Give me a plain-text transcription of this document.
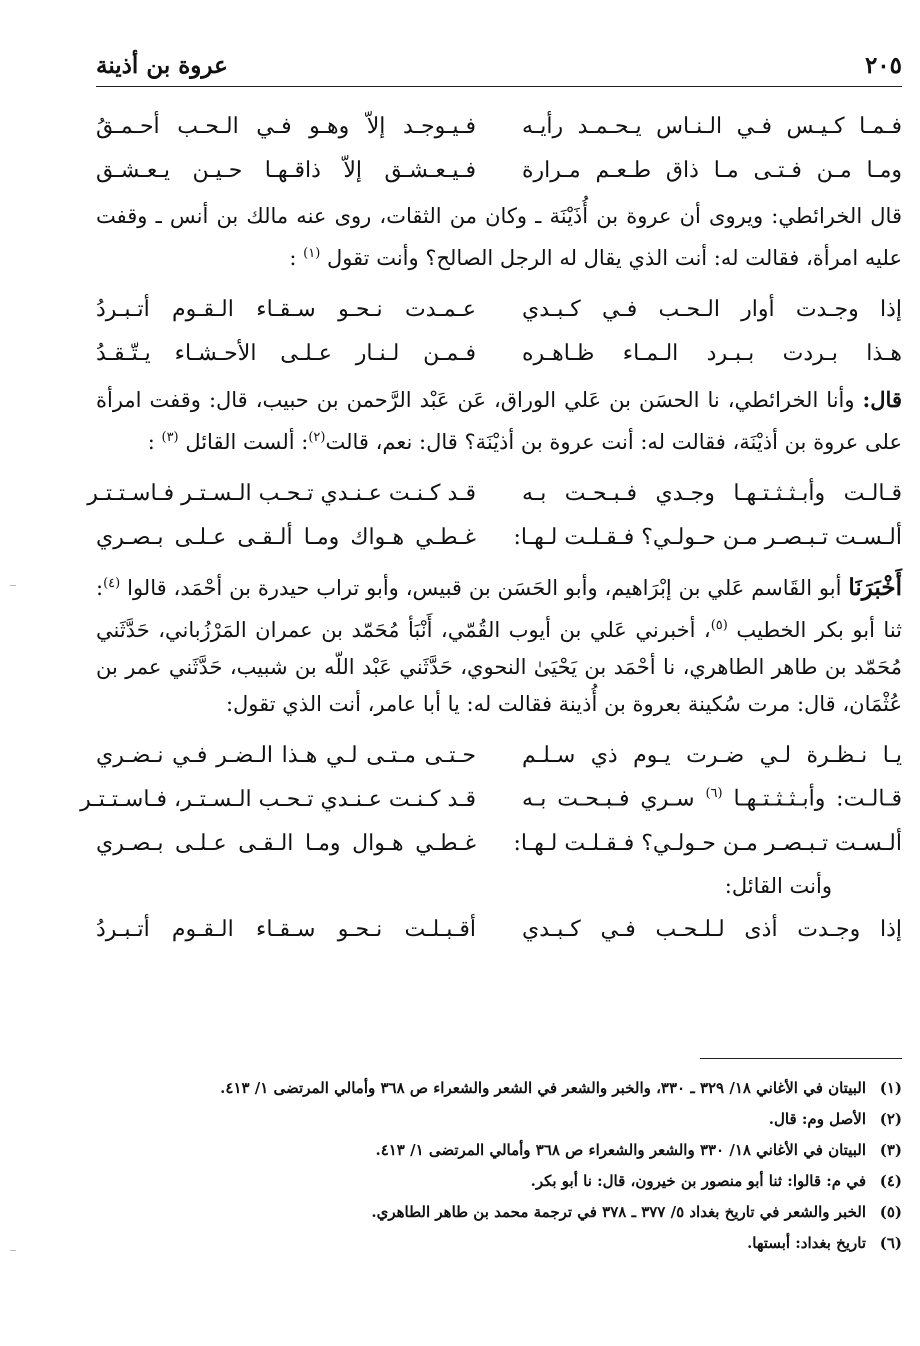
عروة بن أذينة	٢٠٥
فـمـا كـيـس فـي الـنـاس يـحـمـد رأيـه
فـيـوجـد إلاّ وهـو فـي الـحـب أحـمـقُ
ومـا مـن فـتـى مـا ذاق طـعـم مـرارة
فـيـعـشـق إلاّ ذاقـهـا حـيـن يـعـشـق

قال الخرائطي: ويروى أن عروة بن أُذَيْنَة ـ وكان من الثقات، روى عنه مالك بن أنس ـ وقفت عليه امرأة، فقالت له: أنت الذي يقال له الرجل الصالح؟ وأنت تقول $^{(١)}$ :

إذا وجـدت أوار الـحـب فـي كـبـدي
عـمـدت نـحـو سـقـاء الـقـوم أتـبـردُ
هـذا بـردت بـبـرد الـمـاء ظـاهـره
فـمـن لـنـار عـلـى الأحـشـاء يـتّـقـدُ

قال: وأنا الخرائطي، نا الحسَن بن عَلي الوراق، عَن عَبْد الرَّحمن بن حبيب، قال: وقفت امرأة على عروة بن أذيْنَة، فقالت له: أنت عروة بن أذيْنَة؟ قال: نعم، قالت$^{(٢)}$: ألست القائل $^{(٣)}$ :

قـالـت وأبـثـثـتـهـا وجـدي فـبـحـت بـه
قـد كـنـت عـنـدي تـحـب الـسـتـر فـاسـتـتـر
ألـسـت تـبـصـر مـن حـولـي؟ فـقـلـت لـهـا:
غـطـي هـواك ومـا ألـقـى عـلـى بـصـري

أَخْبَرَنَا أبو القَاسم عَلي بن إبْرَاهيم، وأبو الحَسَن بن قبيس، وأبو تراب حيدرة بن أحْمَد، قالوا $^{(٤)}$: ثنا أبو بكر الخطيب $^{(٥)}$، أخبرني عَلي بن أيوب القُمّي، أَنْبَأ مُحَمّد بن عمران المَرْزُباني، حَدَّثَني مُحَمّد بن طاهر الطاهري، نا أحْمَد بن يَحْيَىٰ النحوي، حَدَّثَني عَبْد اللّه بن شبيب، حَدَّثَني عمر بن عُثْمَان، قال: مرت سُكينة بعروة بن أُذينة فقالت له: يا أبا عامر، أنت الذي تقول:

يـا نـظـرة لـي ضـرت يـوم ذي سـلـم
حـتـى مـتـى لـي هـذا الـضـر فـي نـضـري
قـالـت: وأبـثـثـتـهـا $^{(٦)}$ سـري فـبـحـت بـه
قـد كـنـت عـنـدي تـحـب الـسـتـر، فـاسـتـتـر
ألـسـت تـبـصـر مـن حـولـي؟ فـقـلـت لـهـا:
غـطـي هـوال ومـا الـقـى عـلـى بـصـري
وأنت القائل:
إذا وجـدت أذى لـلـحـب فـي كـبـدي
أقـبـلـت نـحـو سـقـاء الـقـوم أتـبـردُ
(١)
البيتان في الأغاني ١٨/ ٣٢٩ ـ ٣٣٠، والخبر والشعر في الشعر والشعراء ص ٣٦٨ وأمالي المرتضى ١/ ٤١٣.
(٢)
الأصل وم: قال.
(٣)
البيتان في الأغاني ١٨/ ٣٣٠ والشعر والشعراء ص ٣٦٨ وأمالي المرتضى ١/ ٤١٣.
(٤)
في م: قالوا: ثنا أبو منصور بن خيرون، قال: نا أبو بكر.
(٥)
الخبر والشعر في تاريخ بغداد ٥/ ٣٧٧ ـ ٣٧٨ في ترجمة محمد بن طاهر الطاهري.
(٦)
تاريخ بغداد: أبستها.
